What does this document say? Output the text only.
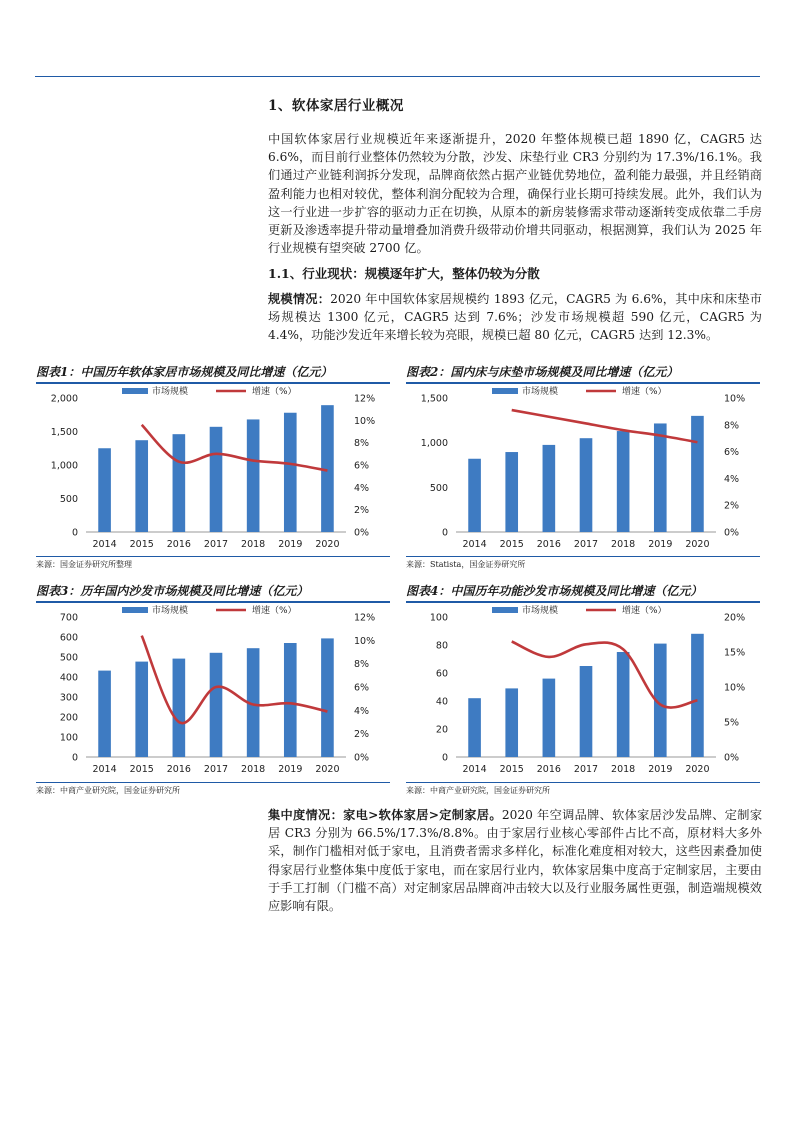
1、软体家居行业概况
中国软体家居行业规模近年来逐渐提升，2020 年整体规模已超 1890 亿，CAGR5 达 6.6%，而目前行业整体仍然较为分散，沙发、床垫行业 CR3 分别约为 17.3%/16.1%。我们通过产业链利润拆分发现，品牌商依然占据产业链优势地位，盈利能力最强，并且经销商盈利能力也相对较优，整体利润分配较为合理，确保行业长期可持续发展。此外，我们认为这一行业进一步扩容的驱动力正在切换，从原本的新房装修需求带动逐渐转变成依靠二手房更新及渗透率提升带动量增叠加消费升级带动价增共同驱动，根据测算，我们认为 2025 年行业规模有望突破 2700 亿。
1.1、行业现状：规模逐年扩大，整体仍较为分散
规模情况：2020 年中国软体家居规模约 1893 亿元，CAGR5 为 6.6%，其中床和床垫市场规模达 1300 亿元，CAGR5 达到 7.6%；沙发市场规模超 590 亿元，CAGR5 为 4.4%，功能沙发近年来增长较为亮眼，规模已超 80 亿元，CAGR5 达到 12.3%。
图表1：中国历年软体家居市场规模及同比增速（亿元）
市场规模	增速（%）
0
500
1,000
1,500
2,000
0%
2%
4%
6%
8%
10%
12%
2014 2015 2016 2017 2018 2019 2020
来源：国金证券研究所整理
图表2：国内床与床垫市场规模及同比增速（亿元）
市场规模	增速（%）
0
500
1,000
1,500
0%
2%
4%
6%
8%
10%
2014 2015 2016 2017 2018 2019 2020
来源：Statista，国金证券研究所
图表3：历年国内沙发市场规模及同比增速（亿元）
市场规模	增速（%）
0
100
200
300
400
500
600
700
0%
2%
4%
6%
8%
10%
12%
2014 2015 2016 2017 2018 2019 2020
来源：中商产业研究院，国金证券研究所
图表4：中国历年功能沙发市场规模及同比增速（亿元）
市场规模	增速（%）
0
20
40
60
80
100
0%
5%
10%
15%
20%
2014 2015 2016 2017 2018 2019 2020
来源：中商产业研究院，国金证券研究所
集中度情况：家电>软体家居>定制家居。2020 年空调品牌、软体家居沙发品牌、定制家居 CR3 分别为 66.5%/17.3%/8.8%。由于家居行业核心零部件占比不高，原材料大多外采，制作门槛相对低于家电，且消费者需求多样化，标准化难度相对较大，这些因素叠加使得家居行业整体集中度低于家电，而在家居行业内，软体家居集中度高于定制家居，主要由于手工打制（门槛不高）对定制家居品牌商冲击较大以及行业服务属性更强，制造端规模效应影响有限。
